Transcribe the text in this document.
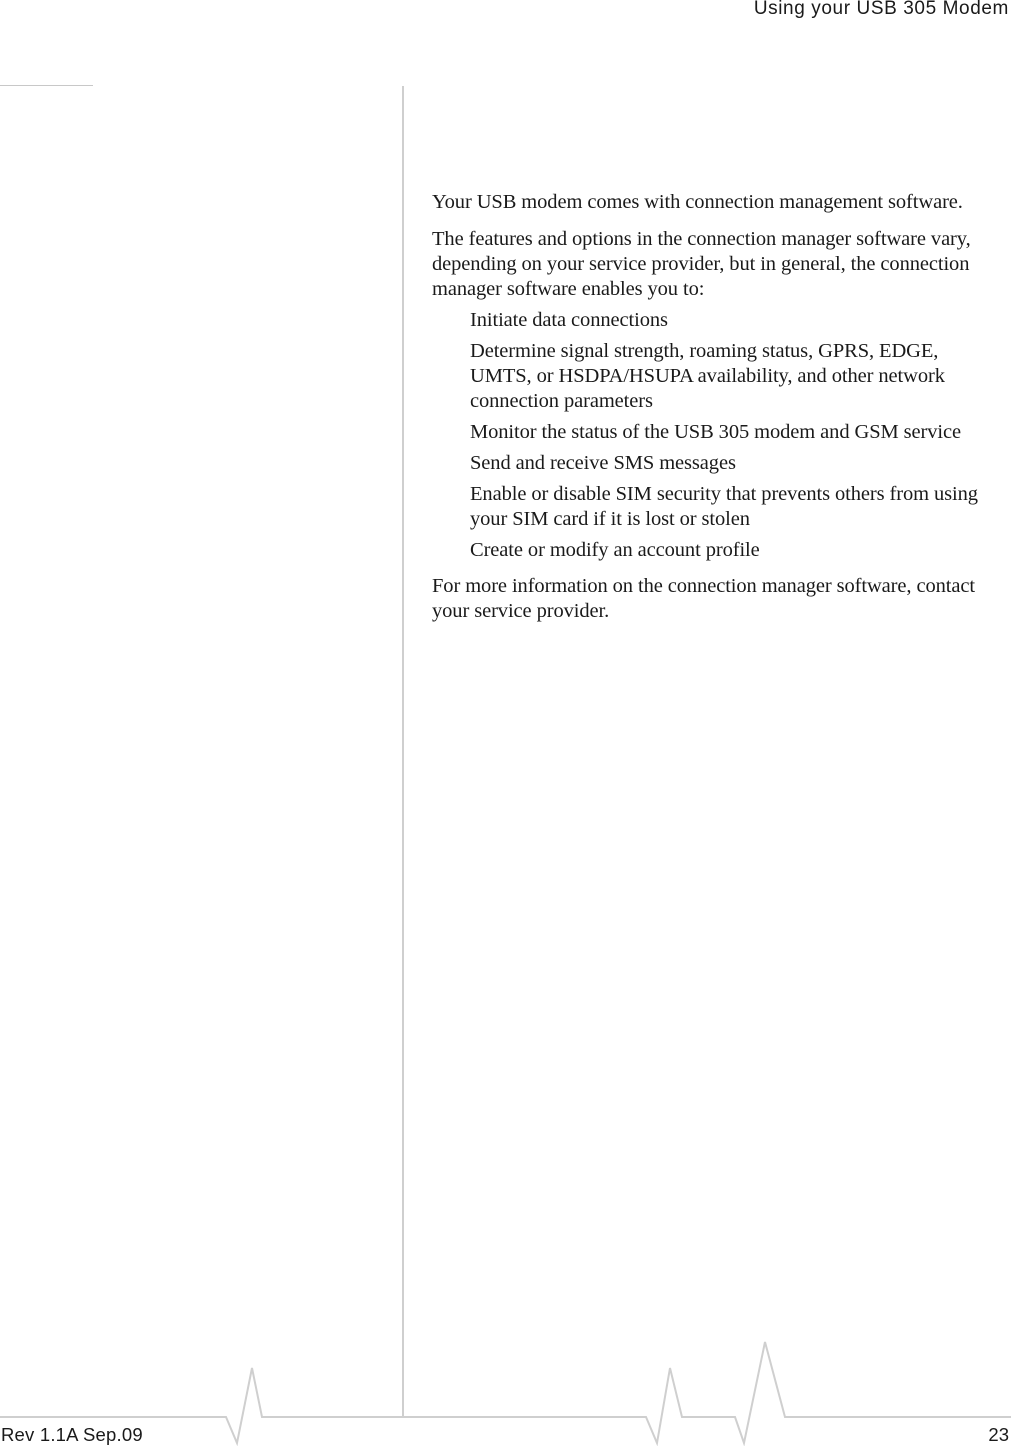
Using your USB 305 Modem

Your USB modem comes with connection management software.

The features and options in the connection manager software vary, depending on your service provider, but in general, the connection manager software enables you to:

Initiate data connections
Determine signal strength, roaming status, GPRS, EDGE, UMTS, or HSDPA/HSUPA availability, and other network connection parameters
Monitor the status of the USB 305 modem and GSM service
Send and receive SMS messages
Enable or disable SIM security that prevents others from using your SIM card if it is lost or stolen
Create or modify an account profile

For more information on the connection manager software, contact your service provider.

Rev 1.1A Sep.09	23
